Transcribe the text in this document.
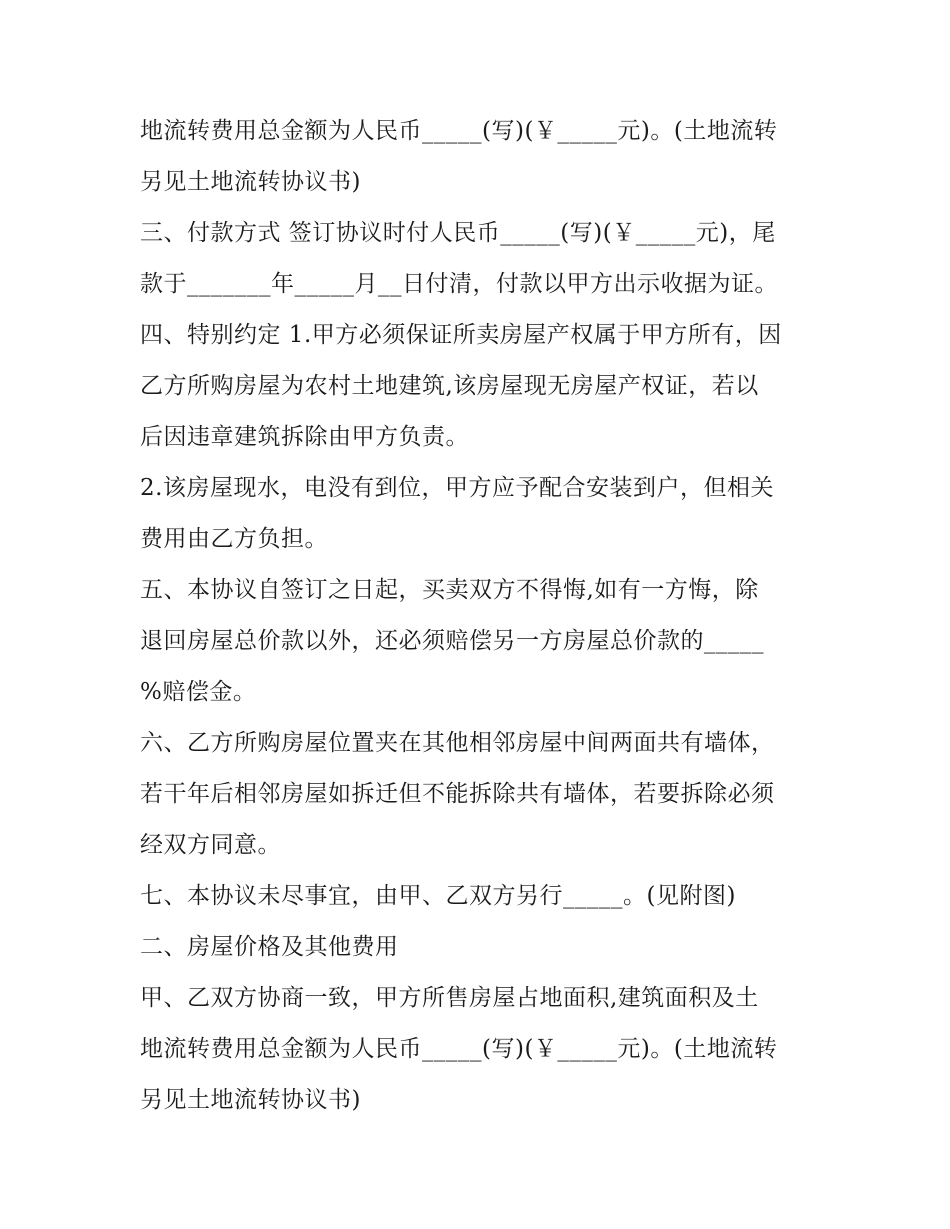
地流转费用总金额为人民币_____(写)(￥_____元)。(土地流转
另见土地流转协议书)
三、付款方式 签订协议时付人民币_____(写)(￥_____元)，尾
款于_______年_____月__日付清，付款以甲方出示收据为证。
四、特别约定 1.甲方必须保证所卖房屋产权属于甲方所有，因
乙方所购房屋为农村土地建筑,该房屋现无房屋产权证，若以
后因违章建筑拆除由甲方负责。
2.该房屋现水，电没有到位，甲方应予配合安装到户，但相关
费用由乙方负担。
五、本协议自签订之日起，买卖双方不得悔,如有一方悔，除
退回房屋总价款以外，还必须赔偿另一方房屋总价款的_____
%赔偿金。
六、乙方所购房屋位置夹在其他相邻房屋中间两面共有墙体，
若干年后相邻房屋如拆迁但不能拆除共有墙体，若要拆除必须
经双方同意。
七、本协议未尽事宜，由甲、乙双方另行_____。(见附图)
二、房屋价格及其他费用
甲、乙双方协商一致，甲方所售房屋占地面积,建筑面积及土
地流转费用总金额为人民币_____(写)(￥_____元)。(土地流转
另见土地流转协议书)
